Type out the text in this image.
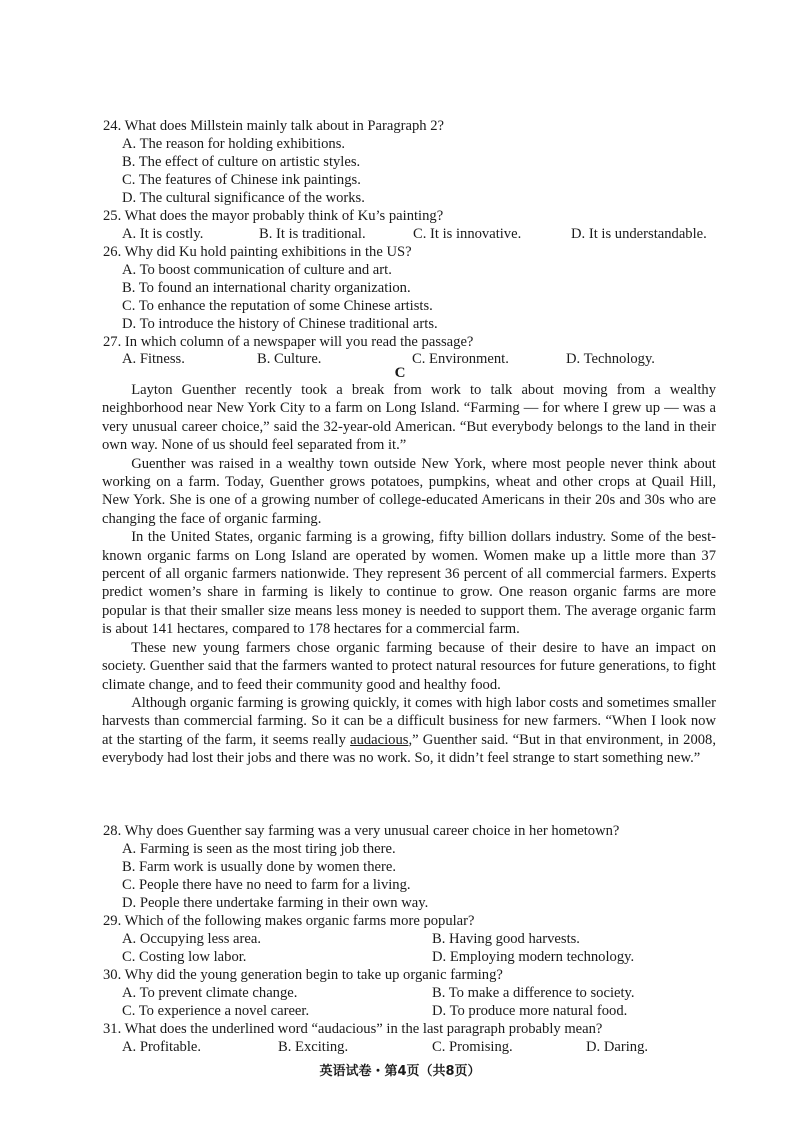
24. What does Millstein mainly talk about in Paragraph 2?
A. The reason for holding exhibitions.
B. The effect of culture on artistic styles.
C. The features of Chinese ink paintings.
D. The cultural significance of the works.
25. What does the mayor probably think of Ku’s painting?
A. It is costly.	B. It is traditional.	C. It is innovative.	D. It is understandable.
26. Why did Ku hold painting exhibitions in the US?
A. To boost communication of culture and art.
B. To found an international charity organization.
C. To enhance the reputation of some Chinese artists.
D. To introduce the history of Chinese traditional arts.
27. In which column of a newspaper will you read the passage?
A. Fitness.	B. Culture.	C. Environment.	D. Technology.
C

Layton Guenther recently took a break from work to talk about moving from a wealthy neighborhood near New York City to a farm on Long Island. “Farming — for where I grew up — was a very unusual career choice,” said the 32-year-old American. “But everybody belongs to the land in their own way. None of us should feel separated from it.”

Guenther was raised in a wealthy town outside New York, where most people never think about working on a farm. Today, Guenther grows potatoes, pumpkins, wheat and other crops at Quail Hill, New York. She is one of a growing number of college-educated Americans in their 20s and 30s who are changing the face of organic farming.

In the United States, organic farming is a growing, fifty billion dollars industry. Some of the best-known organic farms on Long Island are operated by women. Women make up a little more than 37 percent of all organic farmers nationwide. They represent 36 percent of all commercial farmers. Experts predict women’s share in farming is likely to continue to grow. One reason organic farms are more popular is that their smaller size means less money is needed to support them. The average organic farm is about 141 hectares, compared to 178 hectares for a commercial farm.

These new young farmers chose organic farming because of their desire to have an impact on society. Guenther said that the farmers wanted to protect natural resources for future generations, to fight climate change, and to feed their community good and healthy food.

Although organic farming is growing quickly, it comes with high labor costs and sometimes smaller harvests than commercial farming. So it can be a difficult business for new farmers. “When I look now at the starting of the farm, it seems really audacious,” Guenther said. “But in that environment, in 2008, everybody had lost their jobs and there was no work. So, it didn’t feel strange to start something new.”

28. Why does Guenther say farming was a very unusual career choice in her hometown?
A. Farming is seen as the most tiring job there.
B. Farm work is usually done by women there.
C. People there have no need to farm for a living.
D. People there undertake farming in their own way.
29. Which of the following makes organic farms more popular?
A. Occupying less area.	B. Having good harvests.
C. Costing low labor.	D. Employing modern technology.
30. Why did the young generation begin to take up organic farming?
A. To prevent climate change.	B. To make a difference to society.
C. To experience a novel career.	D. To produce more natural food.
31. What does the underlined word “audacious” in the last paragraph probably mean?
A. Profitable.	B. Exciting.	C. Promising.	D. Daring.
英语试卷・第4页（共8页）
